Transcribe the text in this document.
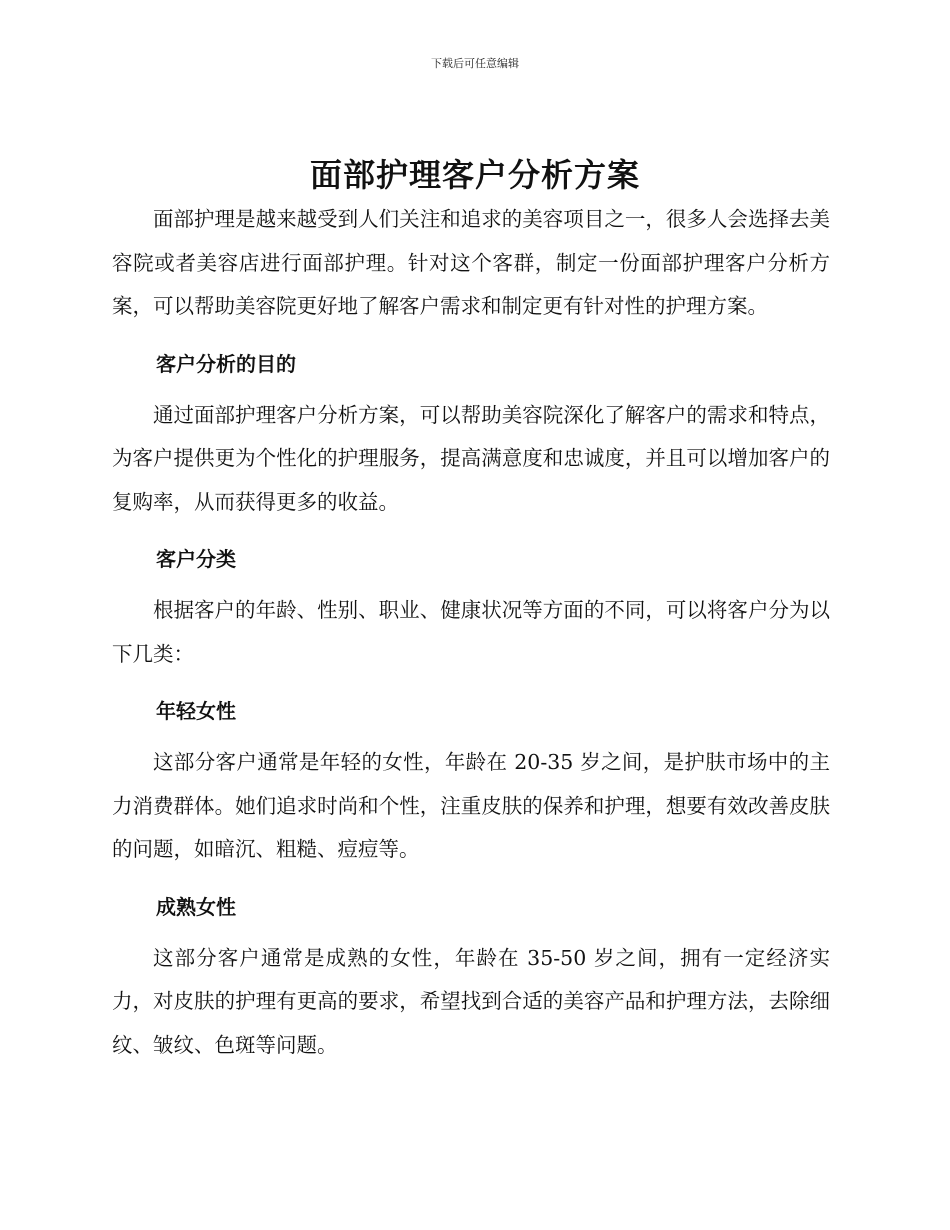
下载后可任意编辑
面部护理客户分析方案

面部护理是越来越受到人们关注和追求的美容项目之一，很多人会选择去美容院或者美容店进行面部护理。针对这个客群，制定一份面部护理客户分析方案，可以帮助美容院更好地了解客户需求和制定更有针对性的护理方案。

客户分析的目的

通过面部护理客户分析方案，可以帮助美容院深化了解客户的需求和特点，为客户提供更为个性化的护理服务，提高满意度和忠诚度，并且可以增加客户的复购率，从而获得更多的收益。

客户分类

根据客户的年龄、性别、职业、健康状况等方面的不同，可以将客户分为以下几类：

年轻女性

这部分客户通常是年轻的女性，年龄在 20-35 岁之间，是护肤市场中的主力消费群体。她们追求时尚和个性，注重皮肤的保养和护理，想要有效改善皮肤的问题，如暗沉、粗糙、痘痘等。

成熟女性

这部分客户通常是成熟的女性，年龄在 35-50 岁之间，拥有一定经济实力，对皮肤的护理有更高的要求，希望找到合适的美容产品和护理方法，去除细纹、皱纹、色斑等问题。
